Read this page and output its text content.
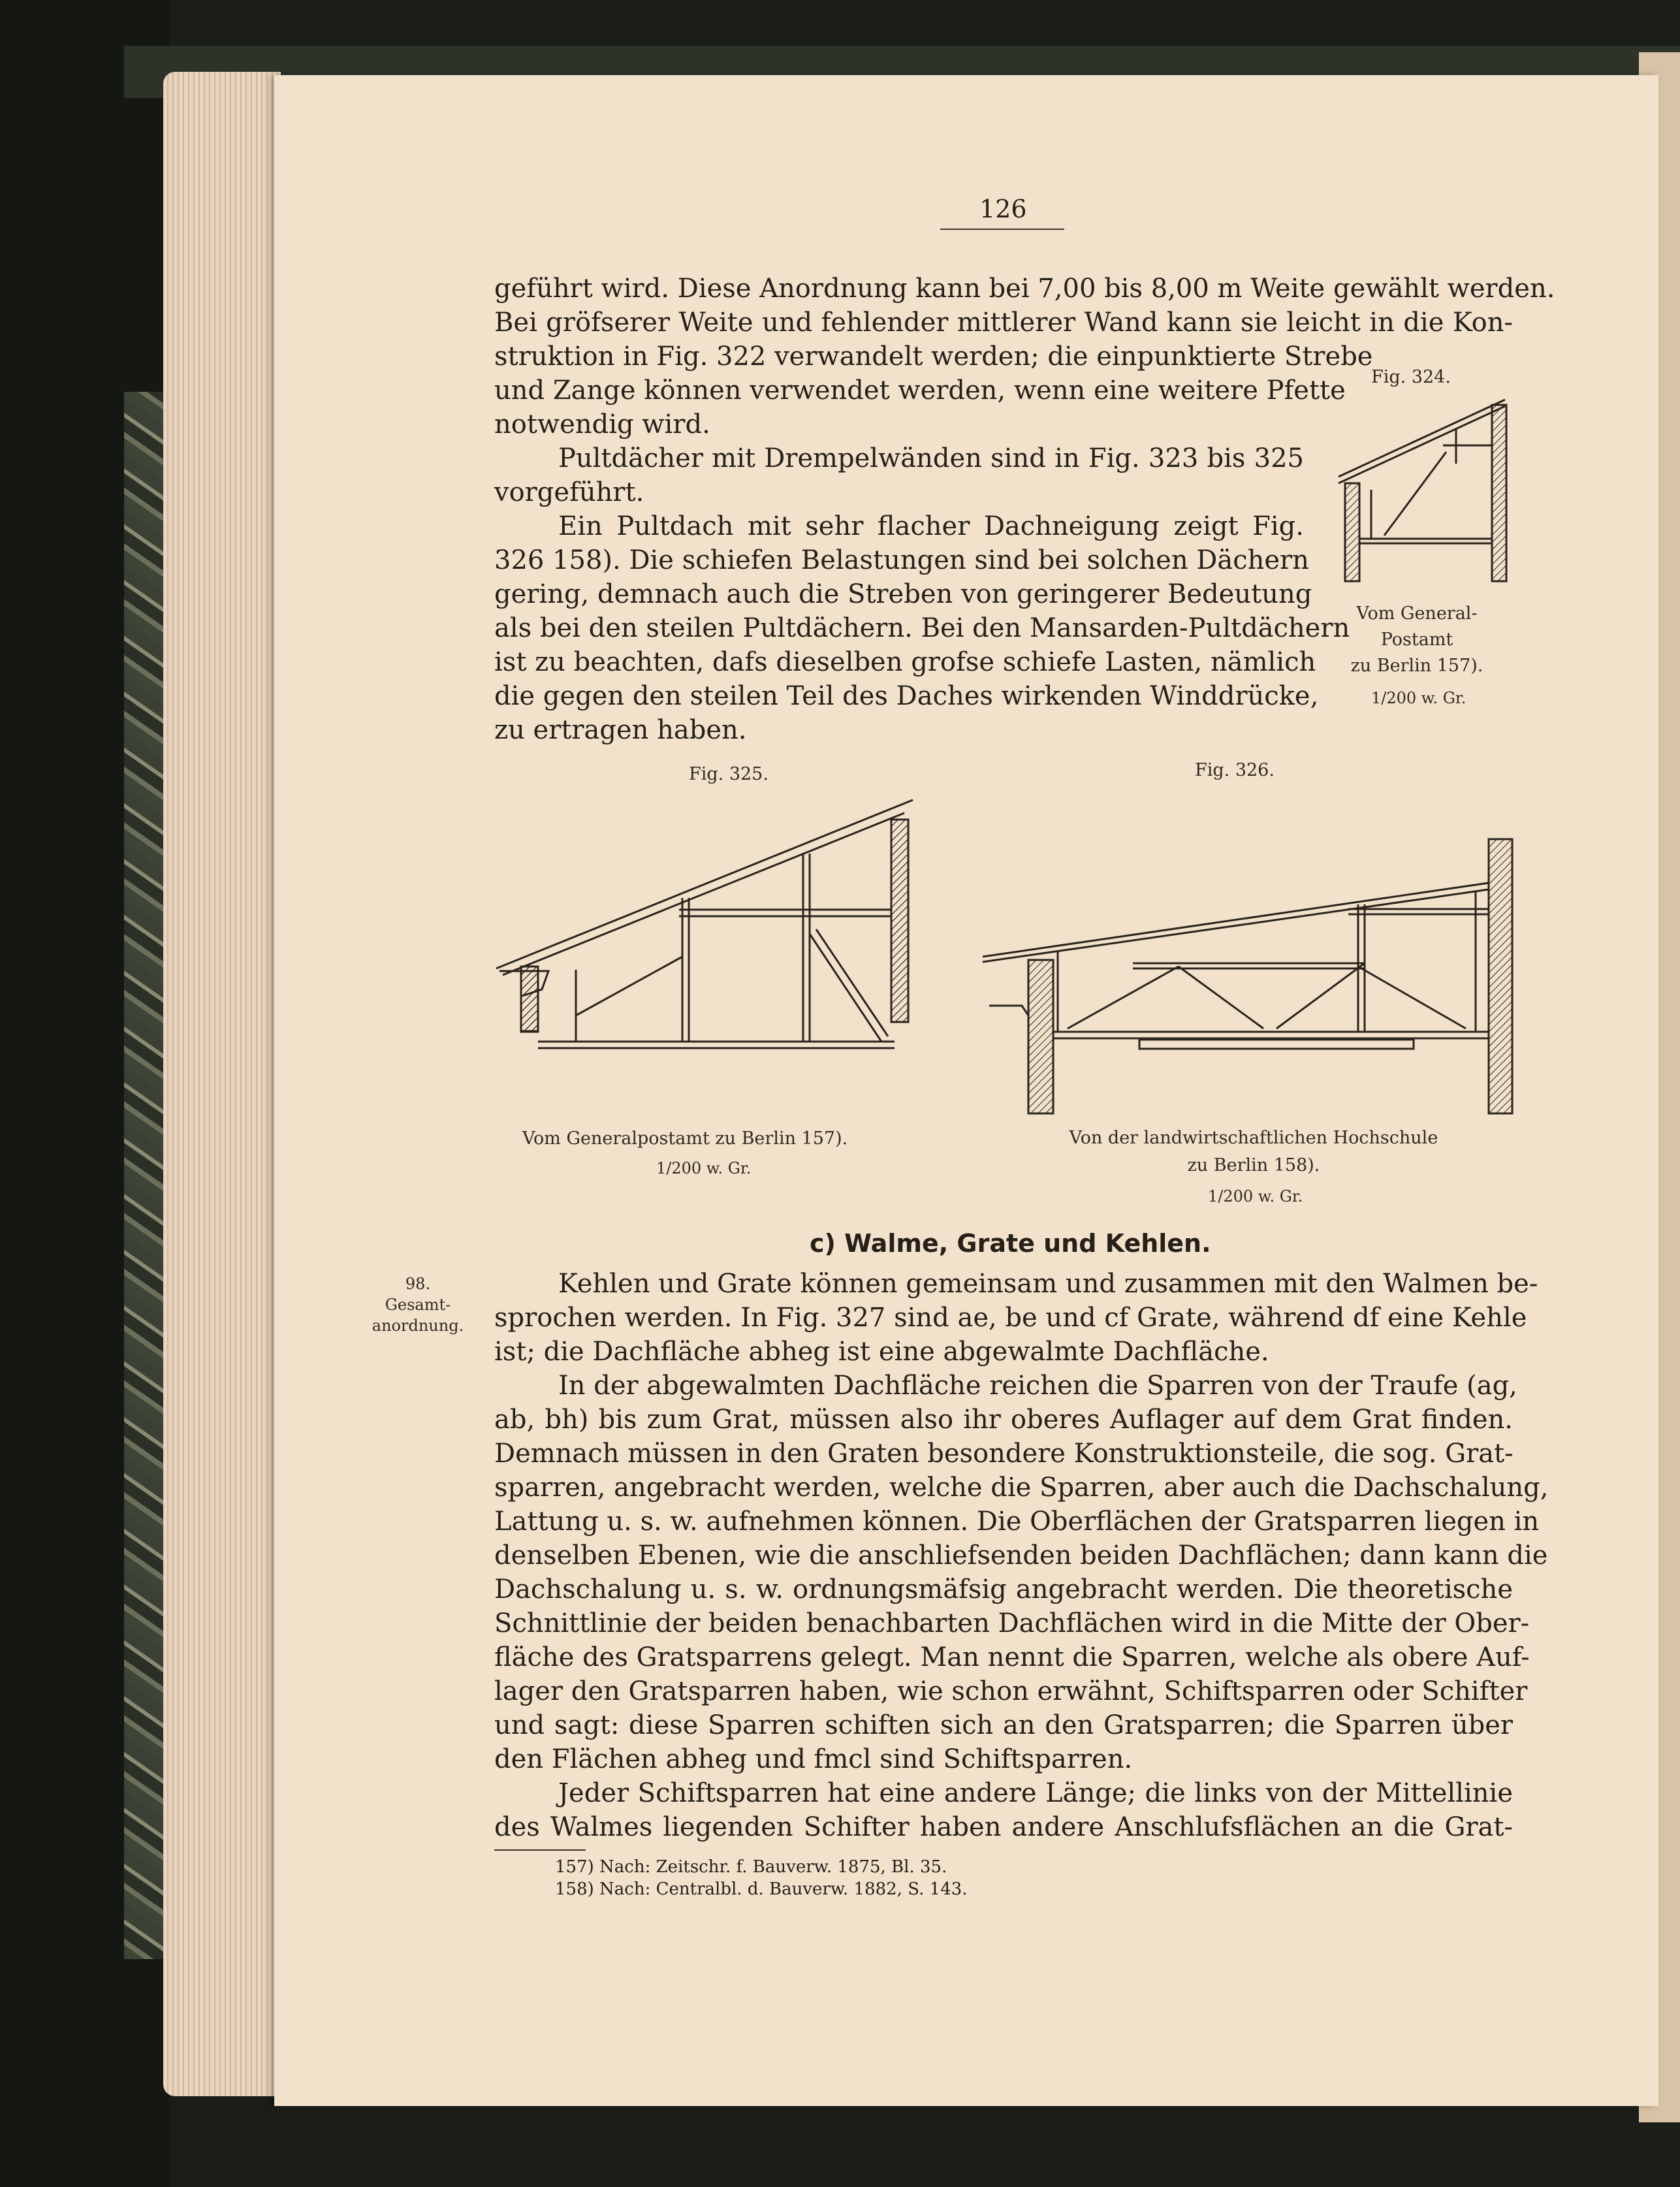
126
geführt wird. Diese Anordnung kann bei 7,00 bis 8,00 m Weite gewählt werden.
Bei gröfserer Weite und fehlender mittlerer Wand kann sie leicht in die Kon-
struktion in Fig. 322 verwandelt werden; die einpunktierte Strebe
und Zange können verwendet werden, wenn eine weitere Pfette
notwendig wird.
Pultdächer mit Drempelwänden sind in Fig. 323 bis 325
vorgeführt.
Ein Pultdach mit sehr flacher Dachneigung zeigt Fig.
326 158). Die schiefen Belastungen sind bei solchen Dächern
gering, demnach auch die Streben von geringerer Bedeutung
als bei den steilen Pultdächern. Bei den Mansarden-Pultdächern
ist zu beachten, dafs dieselben grofse schiefe Lasten, nämlich
die gegen den steilen Teil des Daches wirkenden Winddrücke,
zu ertragen haben.
Fig. 324.
Vom General-
Postamt
zu Berlin 157).
1/200 w. Gr.
Fig. 325.
Vom Generalpostamt zu Berlin 157).
1/200 w. Gr.
Fig. 326.
Von der landwirtschaftlichen Hochschule
zu Berlin 158).
1/200 w. Gr.
c) Walme, Grate und Kehlen.
98.
Gesamt-
anordnung.
Kehlen und Grate können gemeinsam und zusammen mit den Walmen be-
sprochen werden. In Fig. 327 sind ae, be und cf Grate, während df eine Kehle
ist; die Dachfläche abheg ist eine abgewalmte Dachfläche.
In der abgewalmten Dachfläche reichen die Sparren von der Traufe (ag,
ab, bh) bis zum Grat, müssen also ihr oberes Auflager auf dem Grat finden.
Demnach müssen in den Graten besondere Konstruktionsteile, die sog. Grat-
sparren, angebracht werden, welche die Sparren, aber auch die Dachschalung,
Lattung u. s. w. aufnehmen können. Die Oberflächen der Gratsparren liegen in
denselben Ebenen, wie die anschliefsenden beiden Dachflächen; dann kann die
Dachschalung u. s. w. ordnungsmäfsig angebracht werden. Die theoretische
Schnittlinie der beiden benachbarten Dachflächen wird in die Mitte der Ober-
fläche des Gratsparrens gelegt. Man nennt die Sparren, welche als obere Auf-
lager den Gratsparren haben, wie schon erwähnt, Schiftsparren oder Schifter
und sagt: diese Sparren schiften sich an den Gratsparren; die Sparren über
den Flächen abheg und fmcl sind Schiftsparren.
Jeder Schiftsparren hat eine andere Länge; die links von der Mittellinie
des Walmes liegenden Schifter haben andere Anschlufsflächen an die Grat-
157) Nach: Zeitschr. f. Bauverw. 1875, Bl. 35.
158) Nach: Centralbl. d. Bauverw. 1882, S. 143.
